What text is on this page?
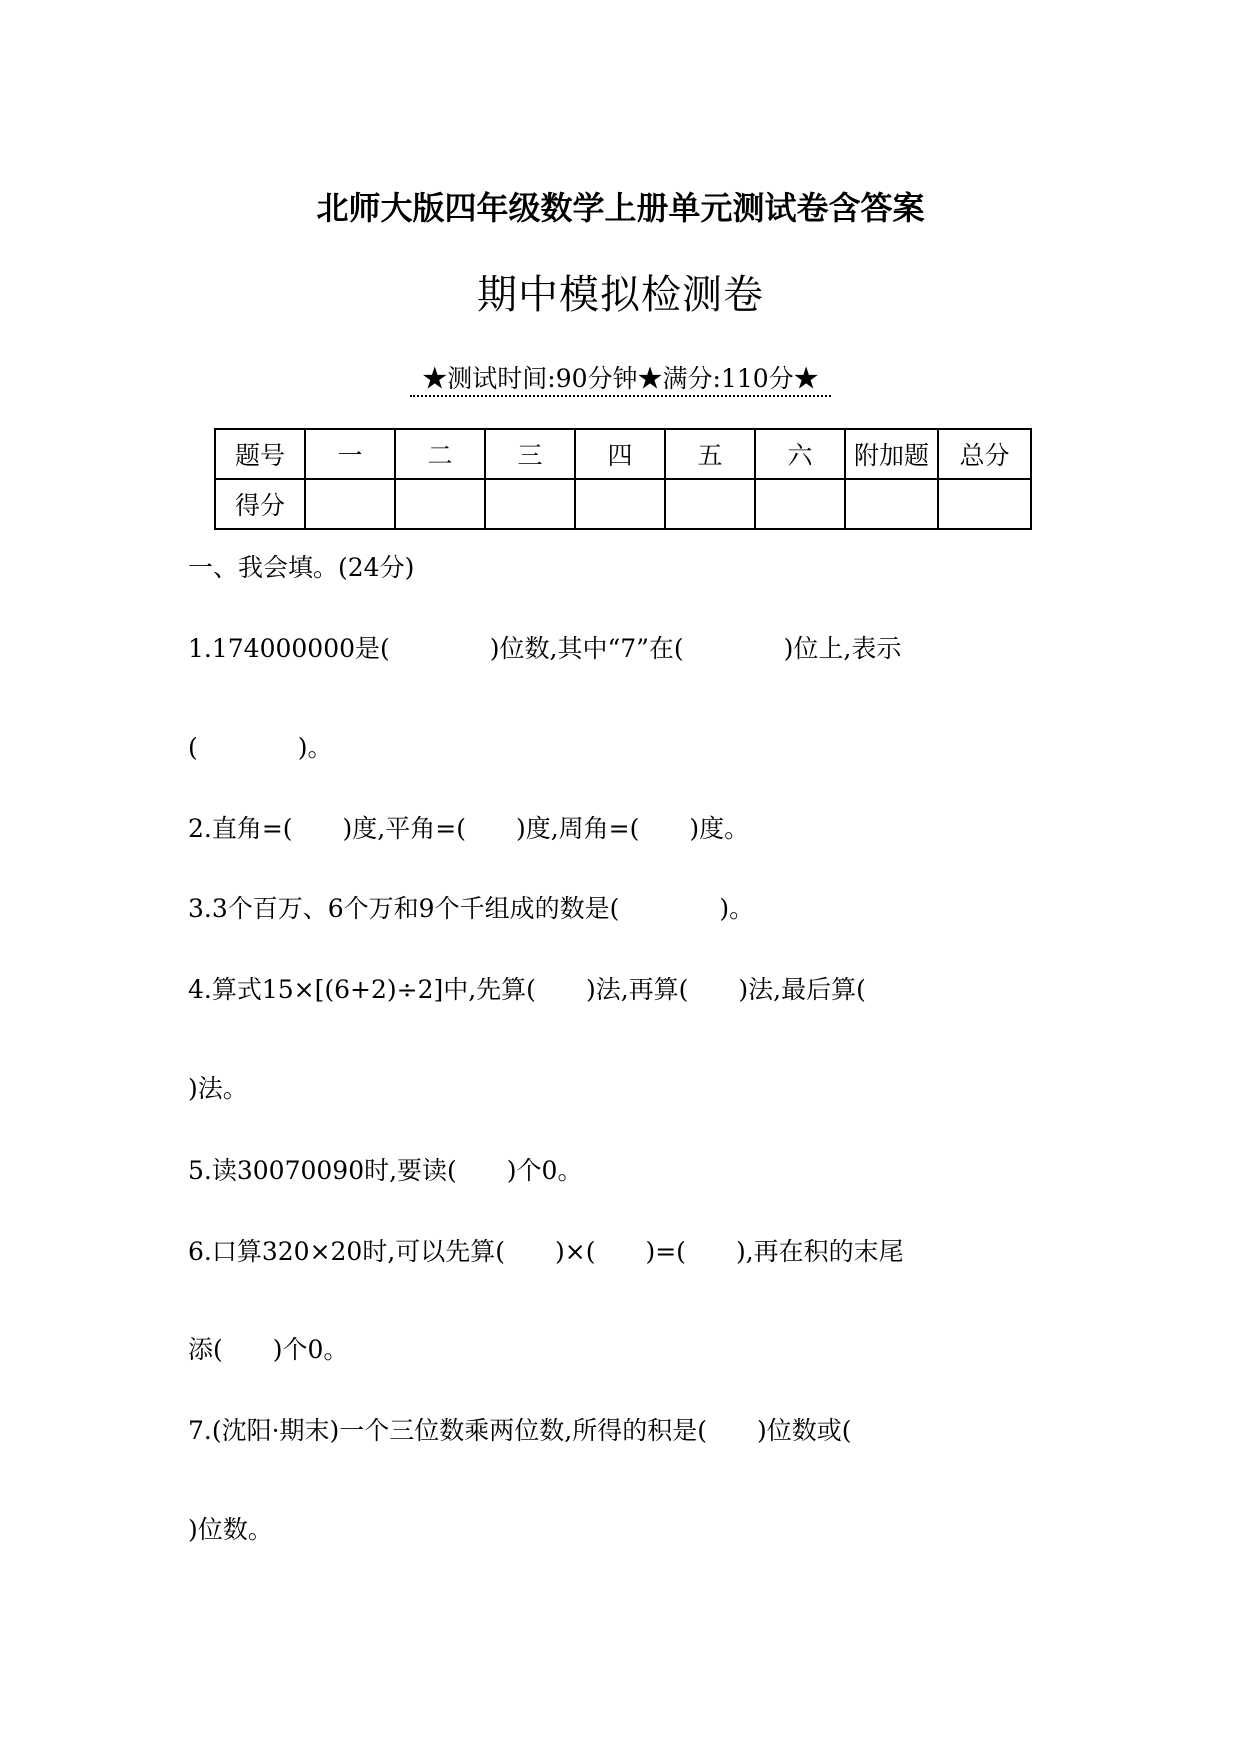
北师大版四年级数学上册单元测试卷含答案
期中模拟检测卷
★测试时间:90分钟★满分:110分★
题号	一	二	三	四	五	六	附加题	总分
得分								
一、我会填。(24分)
1.174000000是(　　　　)位数,其中“7”在(　　　　)位上,表示
(　　　　)。
2.直角=(　　)度,平角=(　　)度,周角=(　　)度。
3.3个百万、6个万和9个千组成的数是(　　　　)。
4.算式15×[(6+2)÷2]中,先算(　　)法,再算(　　)法,最后算(
)法。
5.读30070090时,要读(　　)个0。
6.口算320×20时,可以先算(　　)×(　　)=(　　),再在积的末尾
添(　　)个0。
7.(沈阳·期末)一个三位数乘两位数,所得的积是(　　)位数或(
)位数。
